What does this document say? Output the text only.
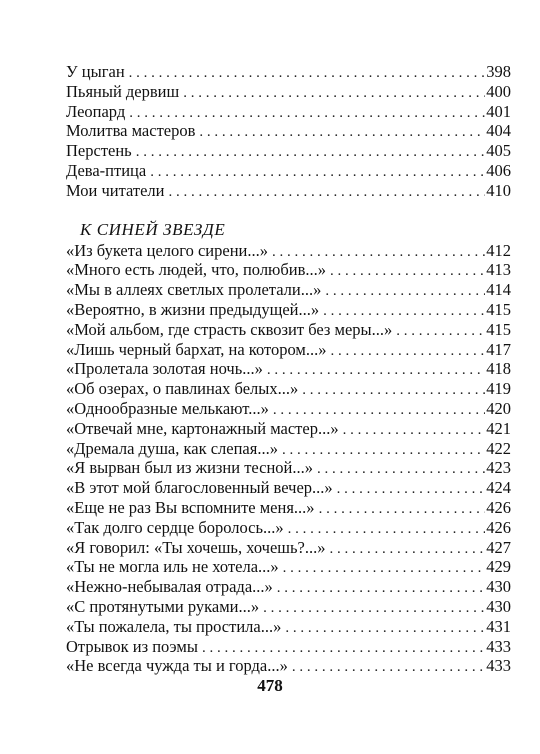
У цыган . . .	398
Пьяный дервиш . . .	400
Леопард . . .	401
Молитва мастеров . . .	404
Перстень . . .	405
Дева-птица . . .	406
Мои читатели . . .	410
К СИНЕЙ ЗВЕЗДЕ
«Из букета целого сирени...» . . .	412
«Много есть людей, что, полюбив...» . . .	413
«Мы в аллеях светлых пролетали...» . . .	414
«Вероятно, в жизни предыдущей...» . . .	415
«Мой альбом, где страсть сквозит без меры...» . . .	415
«Лишь черный бархат, на котором...» . . .	417
«Пролетала золотая ночь...» . . .	418
«Об озерах, о павлинах белых...» . . .	419
«Однообразные мелькают...» . . .	420
«Отвечай мне, картонажный мастер...» . . .	421
«Дремала душа, как слепая...» . . .	422
«Я вырван был из жизни тесной...» . . .	423
«В этот мой благословенный вечер...» . . .	424
«Еще не раз Вы вспомните меня...» . . .	426
«Так долго сердце боролось...» . . .	426
«Я говорил: «Ты хочешь, хочешь?...» . . .	427
«Ты не могла иль не хотела...» . . .	429
«Нежно-небывалая отрада...» . . .	430
«С протянутыми руками...» . . .	430
«Ты пожалела, ты простила...» . . .	431
Отрывок из поэмы . . .	433
«Не всегда чужда ты и горда...» . . .	433
478
